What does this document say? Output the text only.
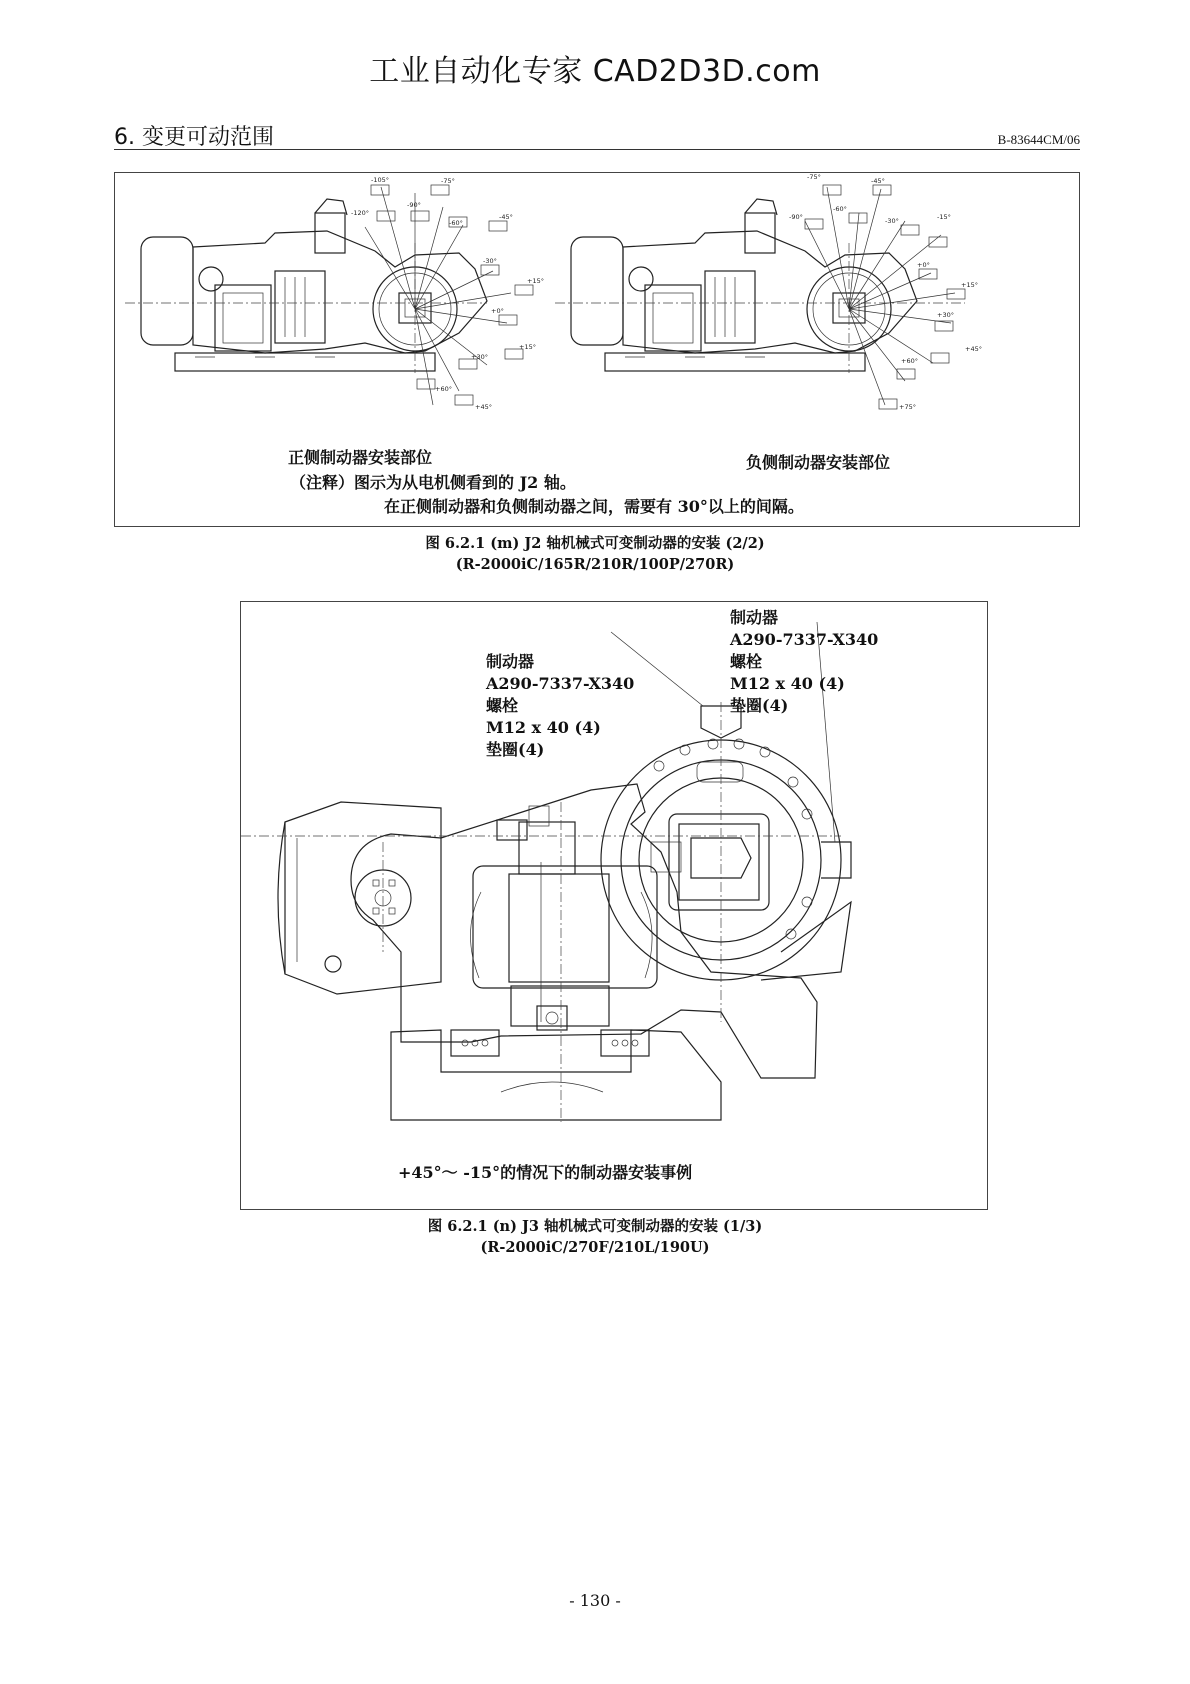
工业自动化专家 CAD2D3D.com
6. 变更可动范围	B-83644CM/06
-105°	-75°
-120°
-90°
-60°
-45°
-30°
+15°
+0°
+15°
+30°
+60°
+45°
-75°	-45°
-90°
-60°
-30°	-15°
+0°
+15°
+30°
+45°
+60°
+75°
正侧制动器安装部位	负侧制动器安装部位
（注释）图示为从电机侧看到的 J2 轴。
在正侧制动器和负侧制动器之间，需要有 30°以上的间隔。
图 6.2.1 (m) J2 轴机械式可变制动器的安装 (2/2)
(R-2000iC/165R/210R/100P/270R)
制动器
A290-7337-X340
螺栓
M12 x 40 (4)
垫圈(4)
制动器
A290-7337-X340
螺栓
M12 x 40 (4)
垫圈(4)
+45°～ -15°的情况下的制动器安装事例
图 6.2.1 (n) J3 轴机械式可变制动器的安装 (1/3)
(R-2000iC/270F/210L/190U)
- 130 -
